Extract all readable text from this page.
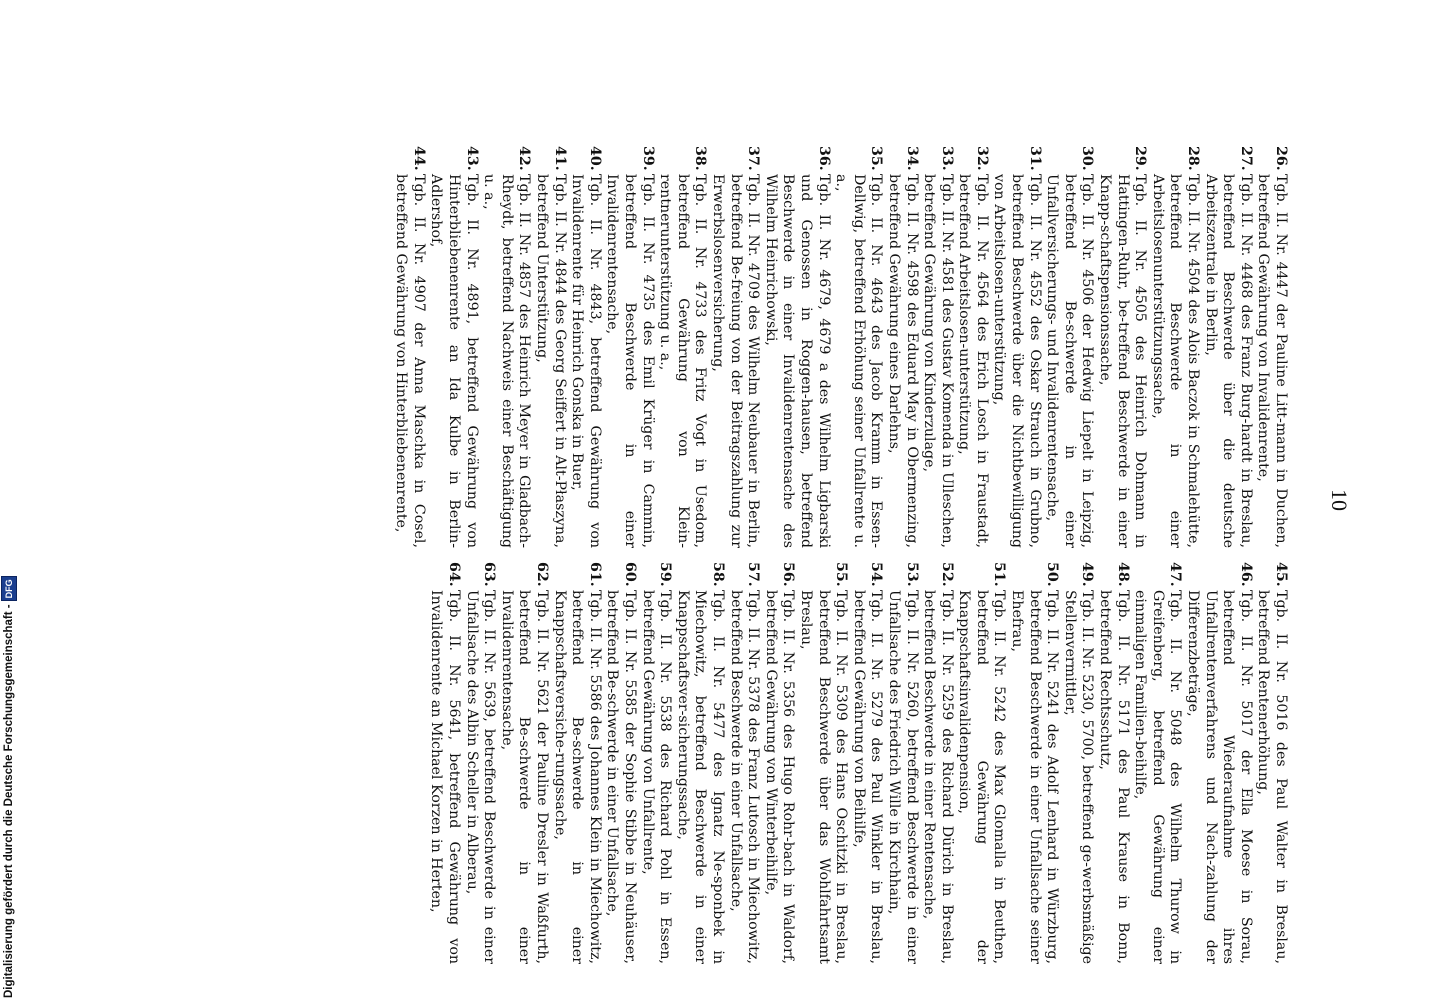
10

26.
Tgb. II. Nr. 4447 der Pauline Litt-mann in Duchen, betreffend Gewährung von Invalidenrente,

27.
Tgb. II. Nr. 4468 des Franz Burg-hardt in Breslau, betreffend Beschwerde über die deutsche Arbeitszentrale in Berlin,

28.
Tgb. II. Nr. 4504 des Alois Baczok in Schmalehütte, betreffend Beschwerde in einer Arbeitslosenunterstützungssache,

29.
Tgb. II. Nr. 4505 des Heinrich Dohmann in Hattingen-Ruhr, be-treffend Beschwerde in einer Knapp-schaftspensionssache,

30.
Tgb. II. Nr. 4506 der Hedwig Liepelt in Leipzig, betreffend Be-schwerde in einer Unfallversicherungs- und Invalidenrentensache,

31.
Tgb. II. Nr. 4552 des Oskar Strauch in Grubno, betreffend Beschwerde über die Nichtbewilligung von Arbeitslosen-unterstützung,

32.
Tgb. II. Nr. 4564 des Erich Losch in Fraustadt, betreffend Arbeitslosen-unterstützung,

33.
Tgb. II. Nr. 4581 des Gustav Komenda in Ulleschen, betreffend Gewährung von Kinderzulage,

34.
Tgb. II. Nr. 4598 des Eduard May in Obermenzing, betreffend Gewährung eines Darlehns,

35.
Tgb. II. Nr. 4643 des Jacob Kramm in Essen-Dellwig, betreffend Erhöhung seiner Unfallrente u. a.,

36.
Tgb. II. Nr. 4679, 4679 a des Wilhelm Ligbarski und Genossen in Roggen-hausen, betreffend Beschwerde in einer Invalidenrentensache des Wilhelm Heinrichowski,

37.
Tgb. II. Nr. 4709 des Wilhelm Neubauer in Berlin, betreffend Be-freiung von der Beitragszahlung zur Erwerbslosenversicherung,

38.
Tgb. II. Nr. 4733 des Fritz Vogt in Usedom, betreffend Gewährung von Klein-rentnerunterstützung u. a.,

39.
Tgb. II. Nr. 4735 des Emil Krüger in Cammin, betreffend Beschwerde in einer Invalidenrentensache,

40.
Tgb. II. Nr. 4843, betreffend Gewährung von Invalidenrente für Heinrich Gonska in Buer,

41.
Tgb. II. Nr. 4844 des Georg Seiffert in Alt-Płaszyna, betreffend Unterstützung,

42.
Tgb. II. Nr. 4857 des Heinrich Meyer in Gladbach-Rheydt, betreffend Nachweis einer Beschäftigung u. a.,

43.
Tgb. II. Nr. 4891, betreffend Gewährung von Hinterbliebenenrente an Ida Kulbe in Berlin-Adlershof,

44.
Tgb. II. Nr. 4907 der Anna Maschka in Cosel, betreffend Gewährung von Hinterbliebenenrente,

45.
Tgb. II. Nr. 5016 des Paul Walter in Breslau, betreffend Rentenerhöhung,

46.
Tgb. II. Nr. 5017 der Ella Moese in Sorau, betreffend Wiederaufnahme ihres Unfallrentenverfahrens und Nach-zahlung der Differenzbeträge,

47.
Tgb. II. Nr. 5048 des Wilhelm Thurow in Greifenberg, betreffend Gewährung einer einmaligen Familien-beihilfe,

48.
Tgb. II. Nr. 5171 des Paul Krause in Bonn, betreffend Rechtsschutz,

49.
Tgb. II. Nr. 5230, 5700, betreffend ge-werbsmäßige Stellenvermittler,

50.
Tgb. II. Nr. 5241 des Adolf Lenhard in Würzburg, betreffend Beschwerde in einer Unfallsache seiner Ehefrau,

51.
Tgb. II. Nr. 5242 des Max Glomalla in Beuthen, betreffend Gewährung der Knappschaftsinvalidenpension,

52.
Tgb. II. Nr. 5259 des Richard Dürich in Breslau, betreffend Beschwerde in einer Rentensache,

53.
Tgb. II. Nr. 5260, betreffend Beschwerde in einer Unfallsache des Friedrich Wille in Kirchhain,

54.
Tgb. II. Nr. 5279 des Paul Winkler in Breslau, betreffend Gewährung von Beihilfe,

55.
Tgb. II. Nr. 5309 des Hans Oschitzki in Breslau, betreffend Beschwerde über das Wohlfahrtsamt Breslau,

56.
Tgb. II. Nr. 5356 des Hugo Rohr-bach in Waldorf, betreffend Gewährung von Winterbeihilfe,

57.
Tgb. II. Nr. 5378 des Franz Lutosch in Miechowitz, betreffend Beschwerde in einer Unfallsache,

58.
Tgb. II. Nr. 5477 des Ignatz Ne-sponbek in Miechowitz, betreffend Beschwerde in einer Knappschaftsver-sicherungssache,

59.
Tgb. II. Nr. 5538 des Richard Pohl in Essen, betreffend Gewährung von Unfallrente,

60.
Tgb. II. Nr. 5585 der Sophie Stibbe in Neuhäuser, betreffend Be-schwerde in einer Unfallsache,

61.
Tgb. II. Nr. 5586 des Johannes Klein in Miechowitz, betreffend Be-schwerde in einer Knappschaftsversiche-rungssache,

62.
Tgb. II. Nr. 5621 der Pauline Dresler in Waßfurth, betreffend Be-schwerde in einer Invalidenrentensache,

63.
Tgb. II. Nr. 5639, betreffend Beschwerde in einer Unfallsache des Albin Scheller in Alberau,

64.
Tgb. II. Nr. 5641, betreffend Gewährung von Invalidenrente an Michael Korzen in Herten,

Digitalisierung gefördert durch die Deutsche Forschungsgemeinschaft -
DFG
